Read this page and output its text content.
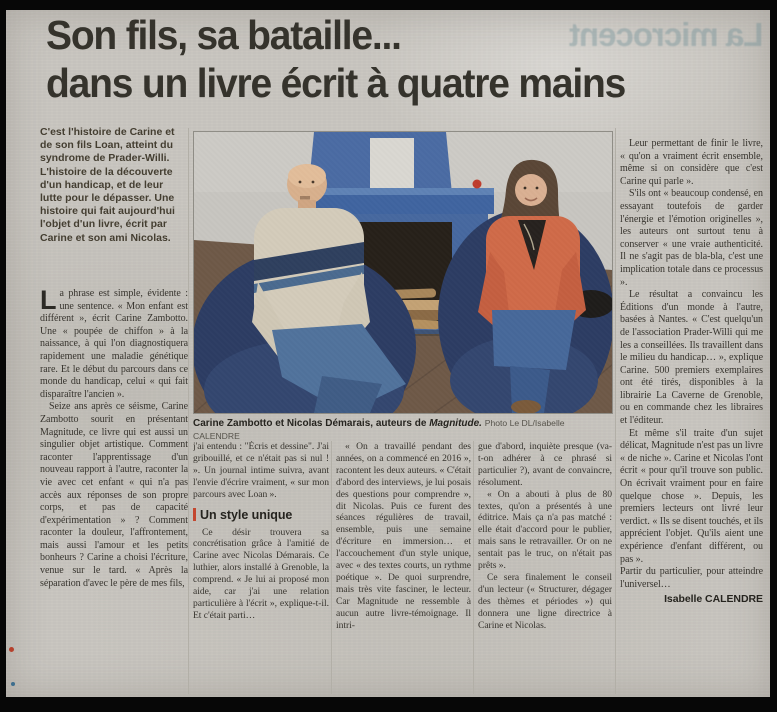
La microcent
Son fils, sa bataille...
dans un livre écrit à quatre mains
C'est l'histoire de Carine et de son fils Loan, atteint du syndrome de Prader-Willi. L'histoire de la découverte d'un handicap, et de leur lutte pour le dépasser. Une histoire qui fait aujourd'hui l'objet d'un livre, écrit par Carine et son ami Nicolas.

La phrase est simple, évidente : une sentence. « Mon enfant est différent », écrit Carine Zambotto. Une « poupée de chiffon » à la naissance, à qui l'on diagnostiquera rapidement une maladie génétique rare. Et le début du parcours dans ce monde du handicap, celui « qui fait disparaître l'ancien ».

Seize ans après ce séisme, Carine Zambotto sourit en présentant Magnitude, ce livre qui est aussi un singulier objet artistique. Comment raconter l'apprentissage d'un nouveau rapport à l'autre, raconter la vie avec cet enfant « qui n'a pas accès aux réponses de son propre corps, et pas de capacité d'expérimentation » ? Comment raconter la douleur, l'affrontement, mais aussi l'amour et les petits bonheurs ? Carine a choisi l'écriture, venue sur le tard. « Après la séparation d'avec le père de mes fils,

Carine Zambotto et Nicolas Démarais, auteurs de Magnitude. Photo Le DL/Isabelle CALENDRE

j'ai entendu : "Écris et dessine". J'ai gribouillé, et ce n'était pas si nul ! ». Un journal intime suivra, avant l'envie d'écrire vraiment, « sur mon parcours avec Loan ».

Un style unique

Ce désir trouvera sa concrétisation grâce à l'amitié de Carine avec Nicolas Démarais. Ce luthier, alors installé à Grenoble, la comprend. « Je lui ai proposé mon aide, car j'ai une relation particulière à l'écrit », explique-t-il. Et c'était parti…

« On a travaillé pendant des années, on a commencé en 2016 », racontent les deux auteurs. « C'était d'abord des interviews, je lui posais des questions pour comprendre », dit Nicolas. Puis ce furent des séances régulières de travail, ensemble, puis une semaine d'écriture en immersion… et l'accouchement d'un style unique, avec « des textes courts, un rythme poétique ». De quoi surprendre, mais très vite fasciner, le lecteur. Car Magnitude ne ressemble à aucun autre livre-témoignage. Il intri-

gue d'abord, inquiète presque (va-t-on adhérer à ce phrasé si particulier ?), avant de convaincre, résolument.

« On a abouti à plus de 80 textes, qu'on a présentés à une éditrice. Mais ça n'a pas matché : elle était d'accord pour le publier, mais sans le retravailler. Or on ne sentait pas le truc, on n'était pas prêts ».

Ce sera finalement le conseil d'un lecteur (« Structurer, dégager des thèmes et périodes ») qui donnera une ligne directrice à Carine et Nicolas.

Leur permettant de finir le livre, « qu'on a vraiment écrit ensemble, même si on considère que c'est Carine qui parle ».

S'ils ont « beaucoup condensé, en essayant toutefois de garder l'énergie et l'émotion originelles », les auteurs ont surtout tenu à conserver « une vraie authenticité. Il ne s'agit pas de bla-bla, c'est une implication totale dans ce processus ».

Le résultat a convaincu les Éditions d'un monde à l'autre, basées à Nantes. « C'est quelqu'un de l'association Prader-Willi qui me les a conseillées. Ils travaillent dans le milieu du handicap… », explique Carine. 500 premiers exemplaires ont été tirés, disponibles à la librairie La Caverne de Grenoble, ou en commande chez les libraires et l'éditeur.

Et même s'il traite d'un sujet délicat, Magnitude n'est pas un livre « de niche ». Carine et Nicolas l'ont écrit « pour qu'il trouve son public. On écrivait vraiment pour en faire quelque chose ». Depuis, les premiers lecteurs ont livré leur verdict. « Ils se disent touchés, et ils apprécient l'objet. Qu'ils aient une expérience d'enfant différent, ou pas ».

Partir du particulier, pour atteindre l'universel…

Isabelle CALENDRE
